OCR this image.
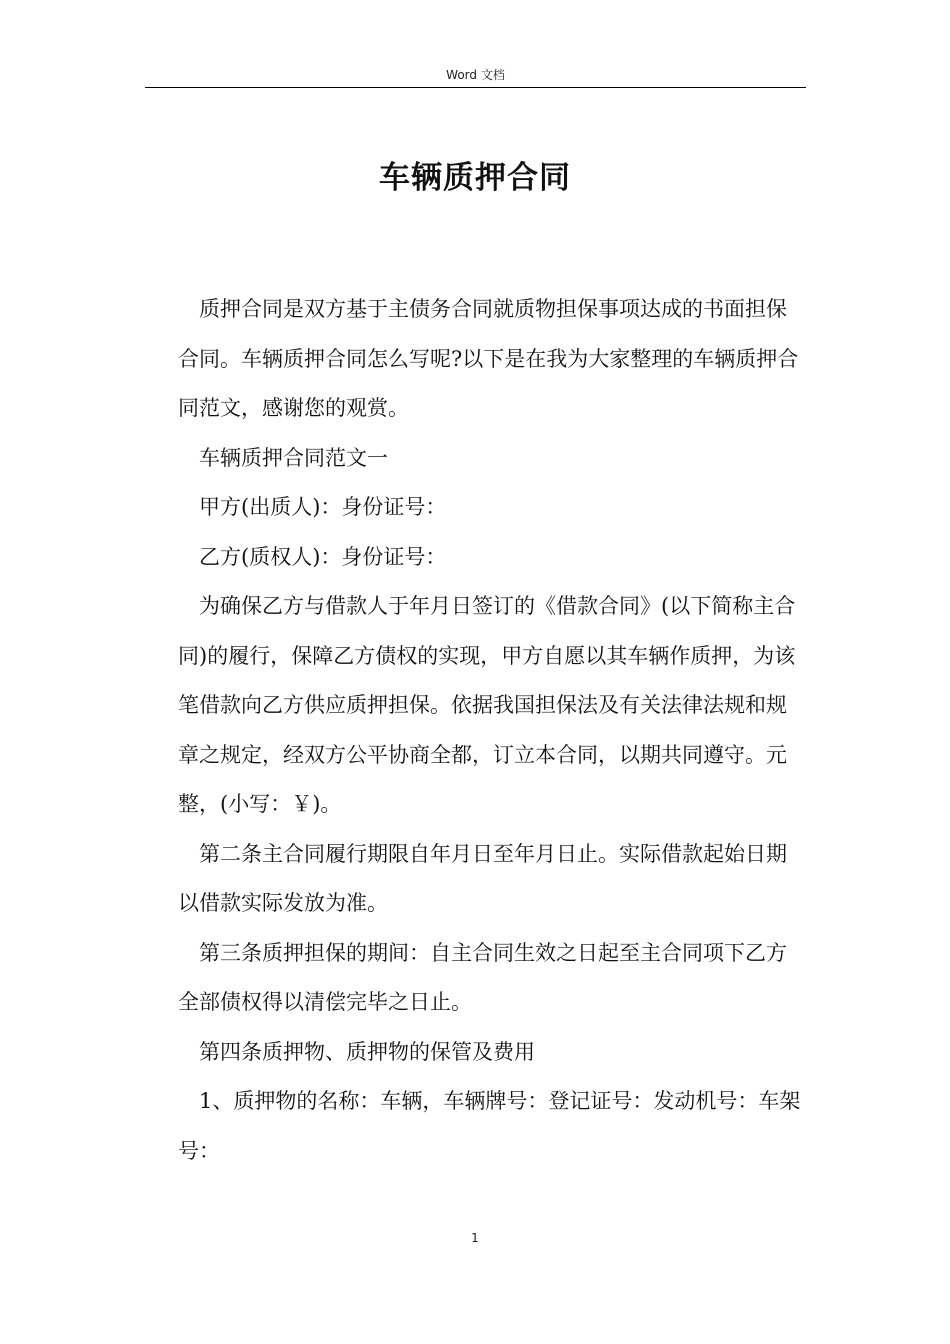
Word 文档
车辆质押合同

质押合同是双方基于主债务合同就质物担保事项达成的书面担保合同。车辆质押合同怎么写呢?以下是在我为大家整理的车辆质押合同范文，感谢您的观赏。

车辆质押合同范文一

甲方(出质人)：身份证号：

乙方(质权人)：身份证号：

为确保乙方与借款人于年月日签订的《借款合同》(以下简称主合同)的履行，保障乙方债权的实现，甲方自愿以其车辆作质押，为该笔借款向乙方供应质押担保。依据我国担保法及有关法律法规和规章之规定，经双方公平协商全都，订立本合同，以期共同遵守。元整，(小写：￥)。

第二条主合同履行期限自年月日至年月日止。实际借款起始日期以借款实际发放为准。

第三条质押担保的期间：自主合同生效之日起至主合同项下乙方全部债权得以清偿完毕之日止。

第四条质押物、质押物的保管及费用

1、质押物的名称：车辆，车辆牌号：登记证号：发动机号：车架号：

1
